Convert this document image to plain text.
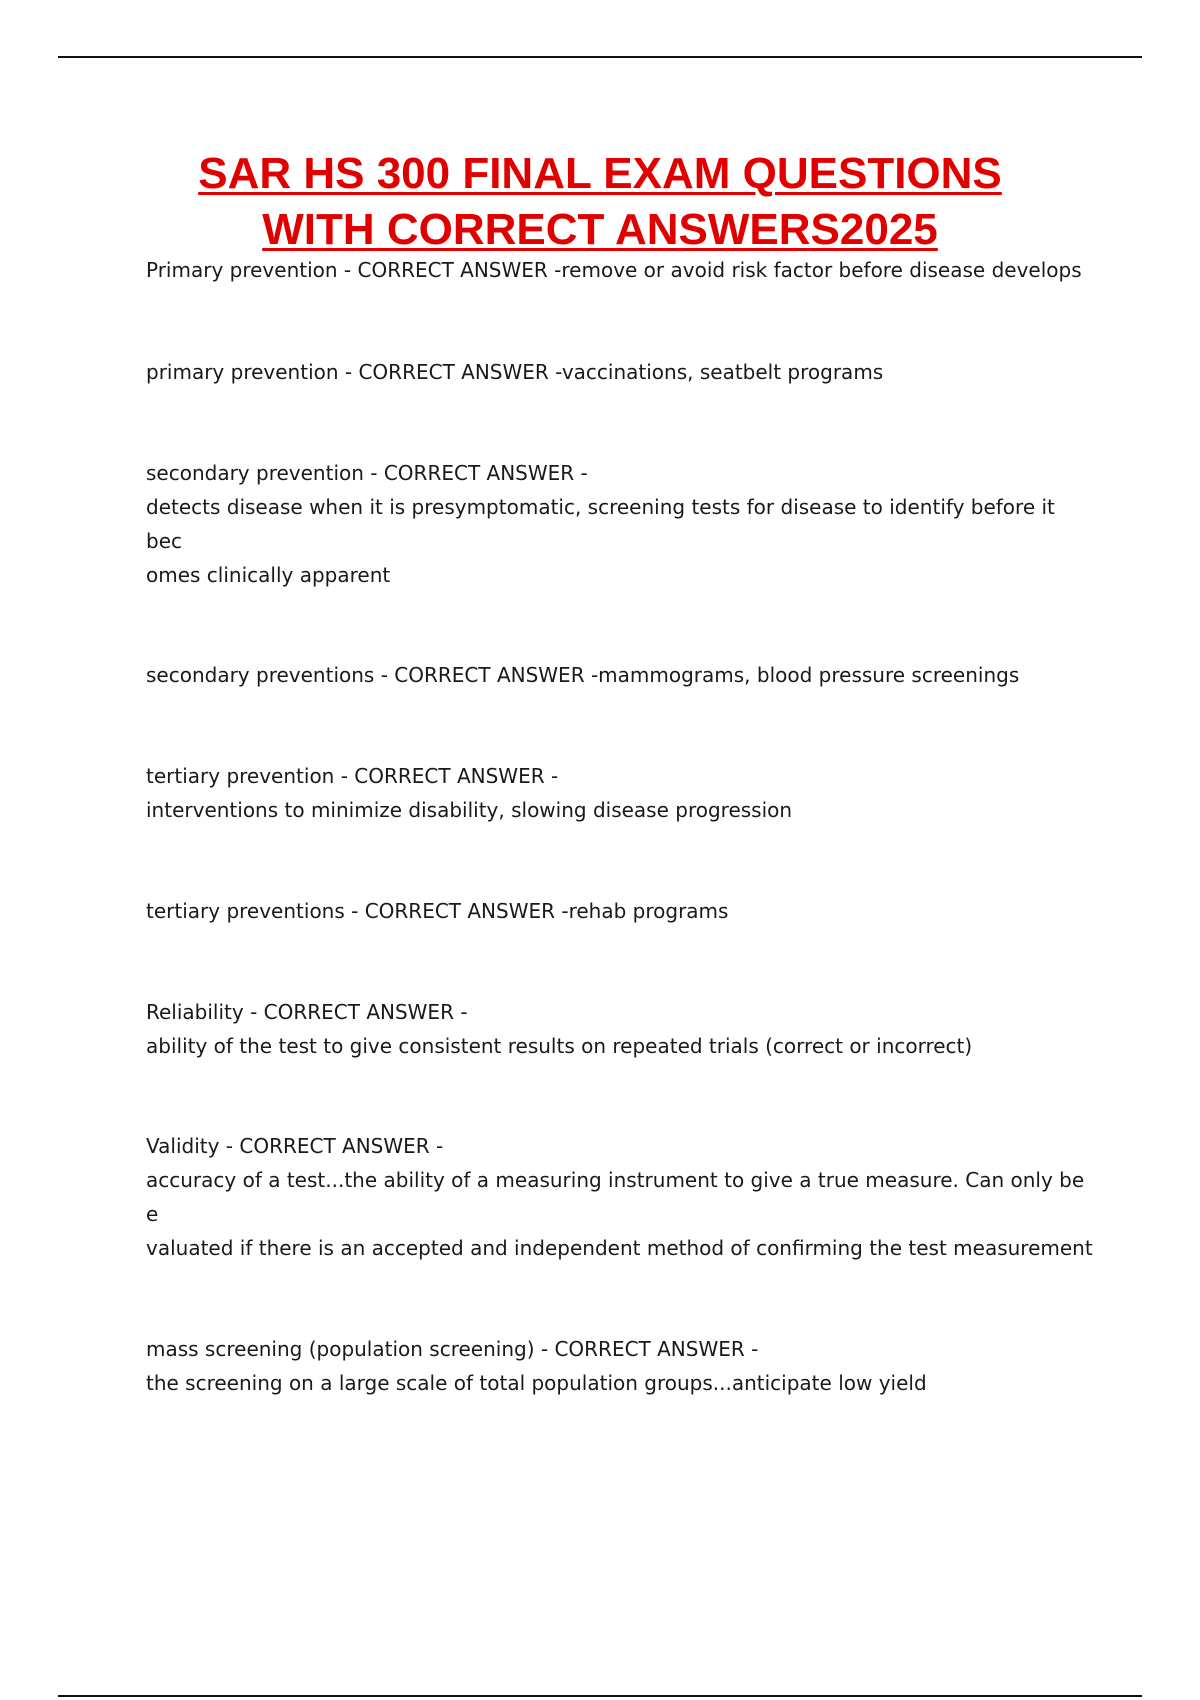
SAR HS 300 FINAL EXAM QUESTIONS
WITH CORRECT ANSWERS2025

Primary prevention - CORRECT ANSWER -remove or avoid risk factor before disease develops

primary prevention - CORRECT ANSWER -vaccinations, seatbelt programs

secondary prevention - CORRECT ANSWER -

detects disease when it is presymptomatic, screening tests for disease to identify before it bec

omes clinically apparent

secondary preventions - CORRECT ANSWER -mammograms, blood pressure screenings

tertiary prevention - CORRECT ANSWER -

interventions to minimize disability, slowing disease progression

tertiary preventions - CORRECT ANSWER -rehab programs

Reliability - CORRECT ANSWER -

ability of the test to give consistent results on repeated trials (correct or incorrect)

Validity - CORRECT ANSWER -

accuracy of a test...the ability of a measuring instrument to give a true measure. Can only be e

valuated if there is an accepted and independent method of confirming the test measurement

mass screening (population screening) - CORRECT ANSWER -

the screening on a large scale of total population groups...anticipate low yield
